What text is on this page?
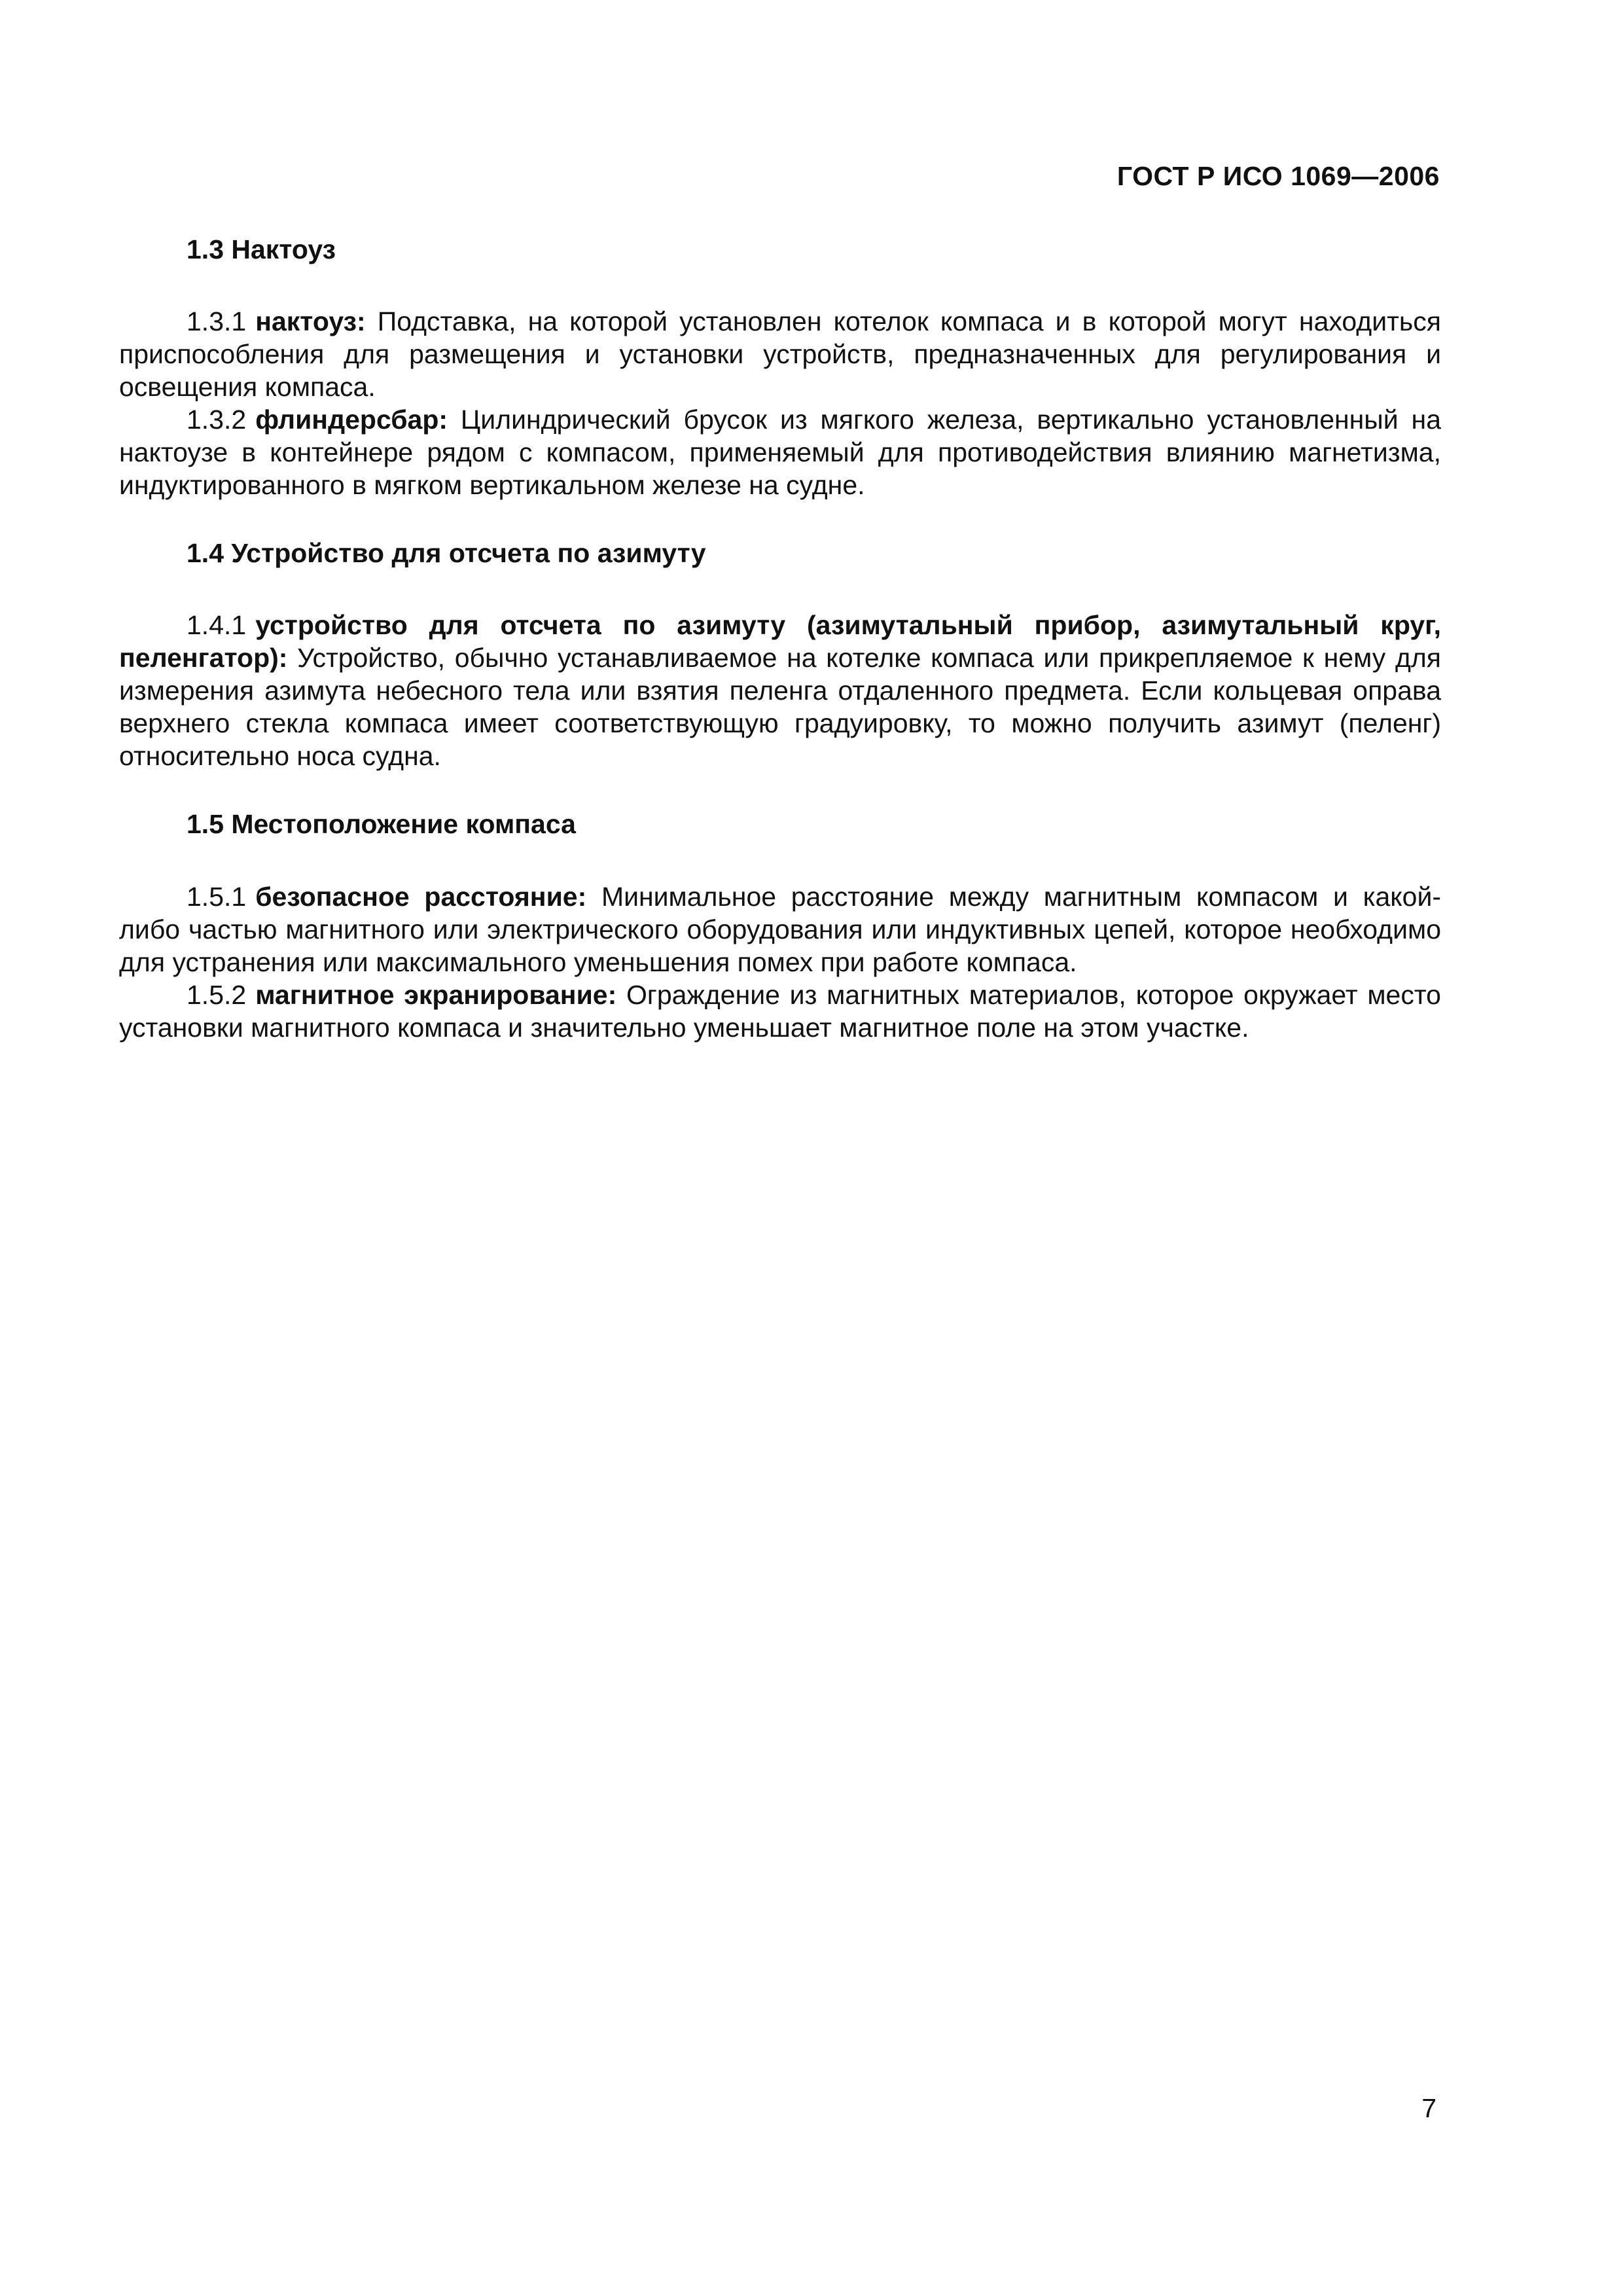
ГОСТ Р ИСО 1069—2006

1.3 Нактоуз

1.3.1 нактоуз: Подставка, на которой установлен котелок компаса и в которой могут находиться приспособления для размещения и установки устройств, предназначенных для регулирования и освещения компаса.

1.3.2 флиндерсбар: Цилиндрический брусок из мягкого железа, вертикально установленный на нактоузе в контейнере рядом с компасом, применяемый для противодействия влиянию магнетизма, индуктированного в мягком вертикальном железе на судне.

1.4 Устройство для отсчета по азимуту

1.4.1 устройство для отсчета по азимуту (азимутальный прибор, азимутальный круг, пеленгатор): Устройство, обычно устанавливаемое на котелке компаса или прикрепляемое к нему для измерения азимута небесного тела или взятия пеленга отдаленного предмета. Если кольцевая оправа верхнего стекла компаса имеет соответствующую градуировку, то можно получить азимут (пеленг) относительно носа судна.

1.5 Местоположение компаса

1.5.1 безопасное расстояние: Минимальное расстояние между магнитным компасом и какой-либо частью магнитного или электрического оборудования или индуктивных цепей, которое необходимо для устранения или максимального уменьшения помех при работе компаса.

1.5.2 магнитное экранирование: Ограждение из магнитных материалов, которое окружает место установки магнитного компаса и значительно уменьшает магнитное поле на этом участке.

7
